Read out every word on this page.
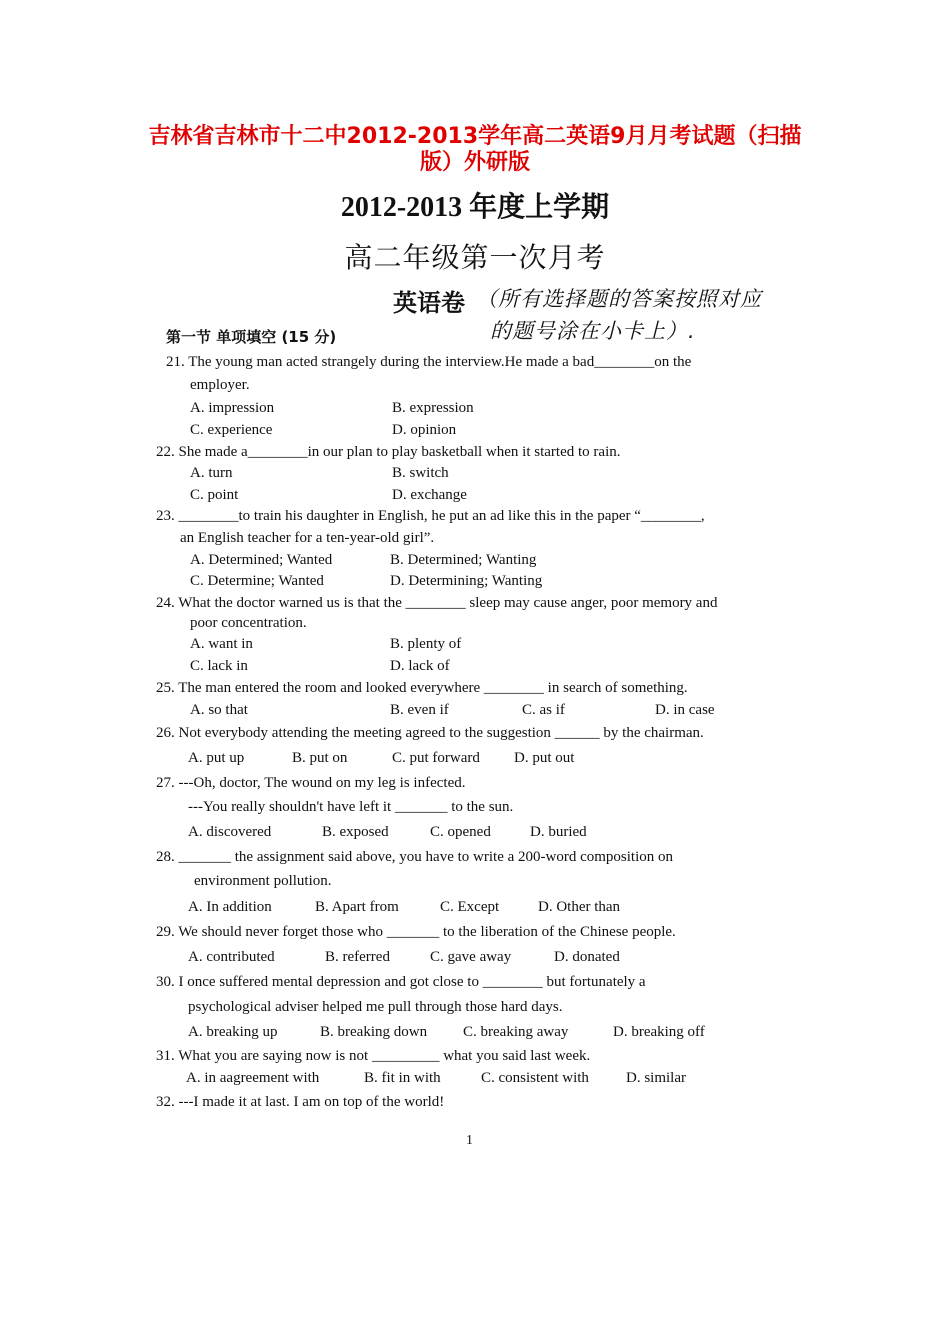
吉林省吉林市十二中2012-2013学年高二英语9月月考试题（扫描
版）外研版
2012-2013 年度上学期
高二年级第一次月考
英语卷 （所有选择题的答案按照对应
的题号涂在小卡上）.
第一节 单项填空 (15 分)
21. The young man acted strangely during the interview.He made a bad________on the
employer.
A. impression	B. expression
C. experience	D. opinion
22. She made a________in our plan to play basketball when it started to rain.
A. turn	B. switch
C. point	D. exchange
23. ________to train his daughter in English, he put an ad like this in the paper “________,
an English teacher for a ten-year-old girl”.
A. Determined; Wanted	B. Determined; Wanting
C. Determine; Wanted	D. Determining; Wanting
24. What the doctor warned us is that the ________ sleep may cause anger, poor memory and
poor concentration.
A. want in	B. plenty of
C. lack in	D. lack of
25. The man entered the room and looked everywhere ________ in search of something.
A. so that	B. even if	C. as if	D. in case
26. Not everybody attending the meeting agreed to the suggestion ______ by the chairman.
A. put up	B. put on	C. put forward D. put out
27. ---Oh, doctor, The wound on my leg is infected.
---You really shouldn't have left it _______ to the sun.
A. discovered	B. exposed	C. opened	D. buried
28. _______ the assignment said above, you have to write a 200-word composition on
environment pollution.
A. In addition	B. Apart from	C. Except	D. Other than
29. We should never forget those who _______ to the liberation of the Chinese people.
A. contributed	B. referred	C. gave away	D. donated
30. I once suffered mental depression and got close to ________ but fortunately a
psychological adviser helped me pull through those hard days.
A. breaking up	B. breaking down C. breaking away	D. breaking off
31. What you are saying now is not _________ what you said last week.
A. in aagreement with	B. fit in with	C. consistent with D. similar
32. ---I made it at last. I am on top of the world!
1
